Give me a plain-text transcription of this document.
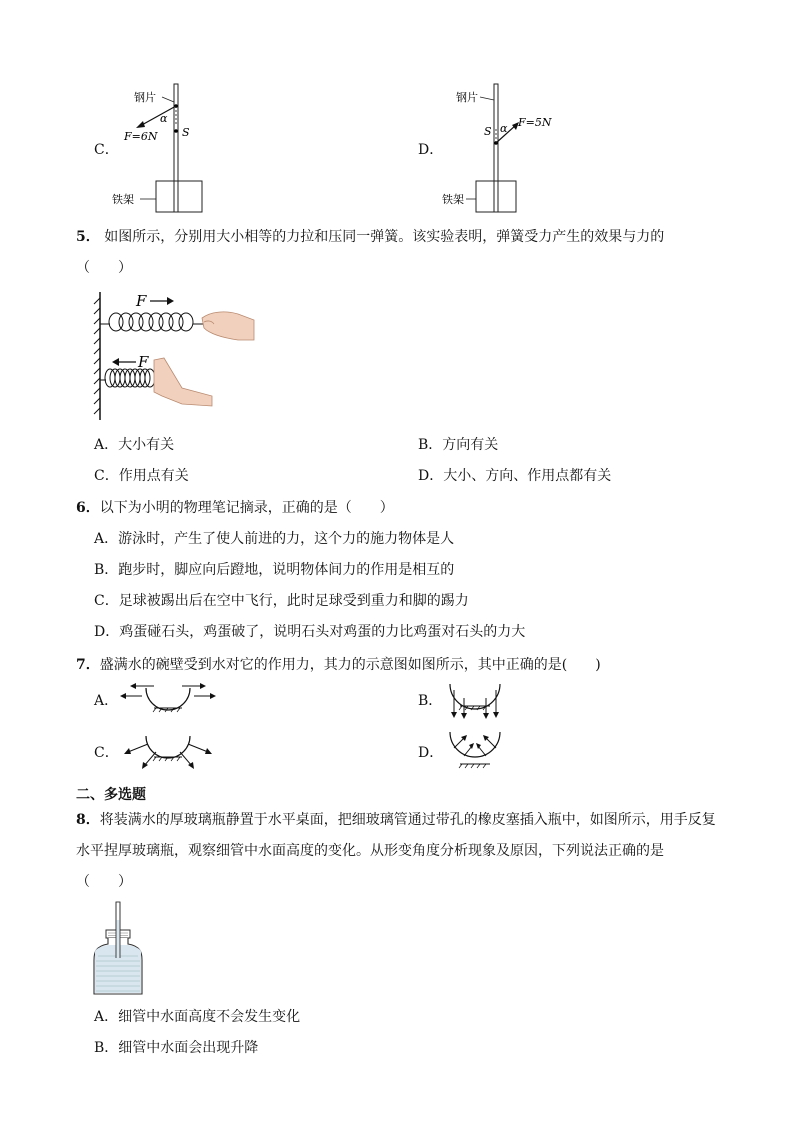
C．
钢片
铁架
α
F=6N S
D．
钢片
铁架
α F=5N
S
5． 如图所示，分别用大小相等的力拉和压同一弹簧。该实验表明，弹簧受力产生的效果与力的
（　　）
F
F
A．大小有关	B．方向有关
C．作用点有关	D．大小、方向、作用点都有关
6．以下为小明的物理笔记摘录，正确的是（　　）
A．游泳时，产生了使人前进的力，这个力的施力物体是人
B．跑步时，脚应向后蹬地，说明物体间力的作用是相互的
C．足球被踢出后在空中飞行，此时足球受到重力和脚的踢力
D．鸡蛋碰石头，鸡蛋破了，说明石头对鸡蛋的力比鸡蛋对石头的力大
7．盛满水的碗壁受到水对它的作用力，其力的示意图如图所示，其中正确的是(　　)
A．	B．
C．	D．
二、多选题
8．将装满水的厚玻璃瓶静置于水平桌面，把细玻璃管通过带孔的橡皮塞插入瓶中，如图所示，用手反复
水平捏厚玻璃瓶，观察细管中水面高度的变化。从形变角度分析现象及原因，下列说法正确的是
（　　）
A．细管中水面高度不会发生变化
B．细管中水面会出现升降
